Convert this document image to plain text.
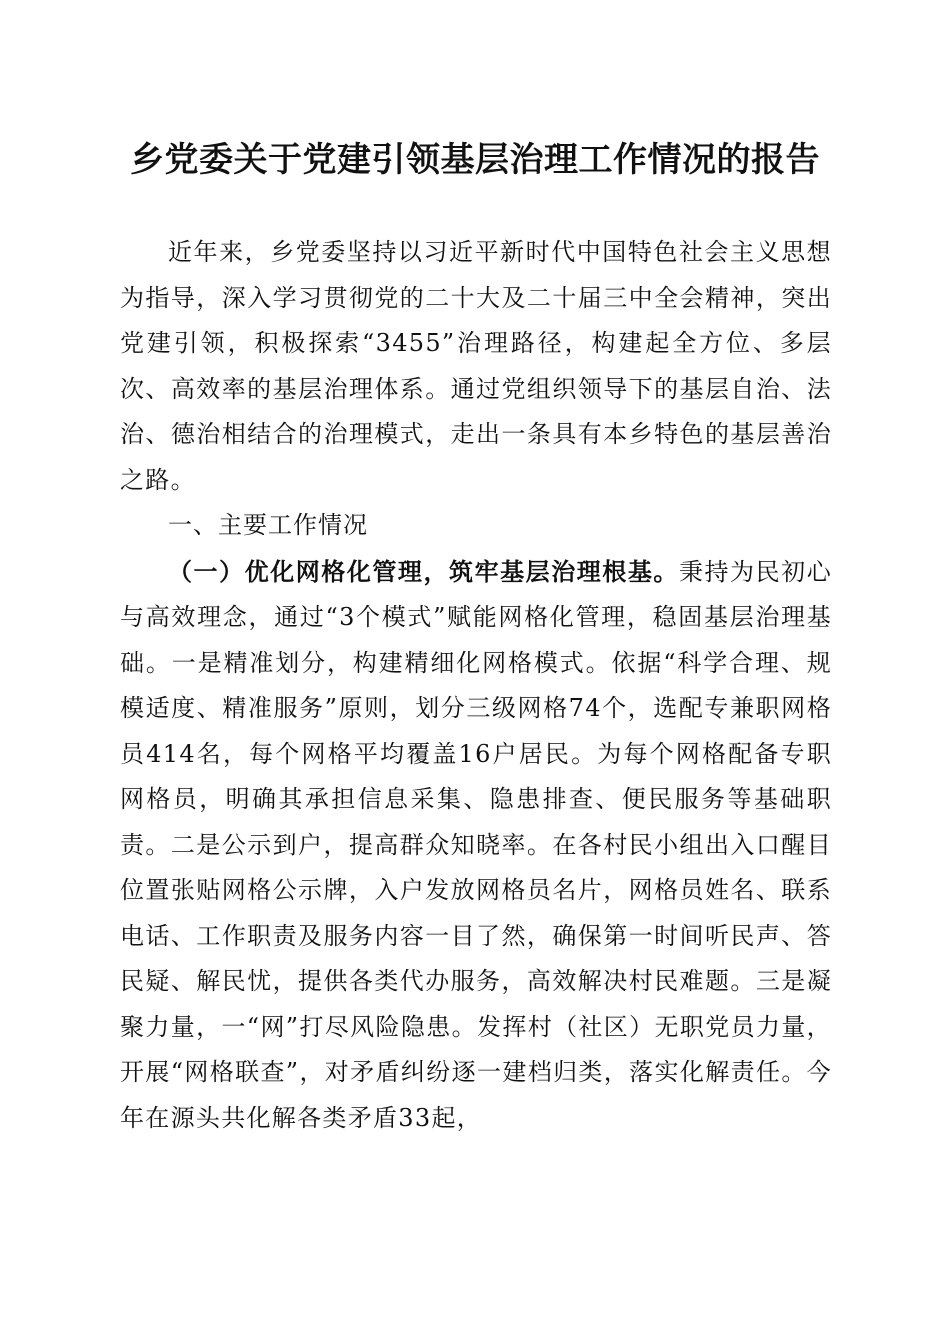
乡党委关于党建引领基层治理工作情况的报告

近年来，乡党委坚持以习近平新时代中国特色社会主义思想为指导，深入学习贯彻党的二十大及二十届三中全会精神，突出党建引领，积极探索“3455”治理路径，构建起全方位、多层次、高效率的基层治理体系。通过党组织领导下的基层自治、法治、德治相结合的治理模式，走出一条具有本乡特色的基层善治之路。

一、主要工作情况

（一）优化网格化管理，筑牢基层治理根基。秉持为民初心与高效理念，通过“3个模式”赋能网格化管理，稳固基层治理基础。一是精准划分，构建精细化网格模式。依据“科学合理、规模适度、精准服务”原则，划分三级网格74个，选配专兼职网格员414名，每个网格平均覆盖16户居民。为每个网格配备专职网格员，明确其承担信息采集、隐患排查、便民服务等基础职责。二是公示到户，提高群众知晓率。在各村民小组出入口醒目位置张贴网格公示牌，入户发放网格员名片，网格员姓名、联系电话、工作职责及服务内容一目了然，确保第一时间听民声、答民疑、解民忧，提供各类代办服务，高效解决村民难题。三是凝聚力量，一“网”打尽风险隐患。发挥村（社区）无职党员力量，开展“网格联查”，对矛盾纠纷逐一建档归类，落实化解责任。今年在源头共化解各类矛盾33起，
